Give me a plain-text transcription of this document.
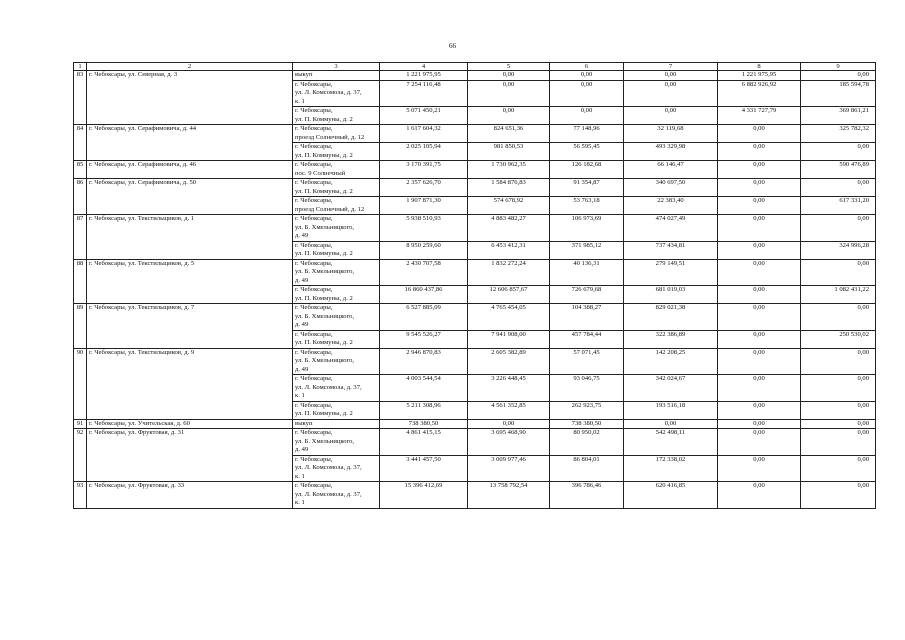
66
1	2	3	4	5	6	7	8	9
83	г. Чебоксары, ул. Северная, д. 3	выкуп	1 221 975,95	0,00	0,00	0,00	1 221 975,95	0,00
		г. Чебоксары,
ул. Л. Комсомола, д. 37,
к. 1	7 254 116,48	0,00	0,00	0,00	6 882 926,92	185 594,78
		г. Чебоксары,
ул. П. Коммуны, д. 2	5 071 450,21	0,00	0,00	0,00	4 331 727,79	369 861,21
84	г. Чебоксары, ул. Серафимовича, д. 44	г. Чебоксары,
проезд Солнечный, д. 12	1 617 604,32	824 651,36	77 148,96	32 119,68	0,00	325 782,32
		г. Чебоксары,
ул. П. Коммуны, д. 2	2 025 105,94	981 850,53	56 595,45	493 329,98	0,00	0,00
85	г. Чебоксары, ул. Серафимовича, д. 46	г. Чебоксары,
пос. 9 Солнечный	3 170 391,75	1 730 962,35	126 182,68	66 146,47	0,00	590 476,89
86	г. Чебоксары, ул. Серафимовича, д. 50	г. Чебоксары,
ул. П. Коммуны, д. 2	2 357 626,70	1 584 876,83	91 354,87	340 697,50	0,00	0,00
		г. Чебоксары,
проезд Солнечный, д. 12	1 907 871,30	574 678,92	53 763,18	22 383,40	0,00	617 331,20
87	г. Чебоксары, ул. Текстильщиков, д. 1	г. Чебоксары,
ул. Б. Хмельницкого,
д. 49	5 938 510,93	4 883 482,27	106 973,69	474 027,49	0,00	0,00
		г. Чебоксары,
ул. П. Коммуны, д. 2	8 950 259,60	6 453 412,31	371 985,12	737 434,81	0,00	324 996,28
88	г. Чебоксары, ул. Текстильщиков, д. 5	г. Чебоксары,
ул. Б. Хмельницкого,
д. 49	2 430 707,58	1 832 272,24	40 136,31	279 149,51	0,00	0,00
		г. Чебоксары,
ул. П. Коммуны, д. 2	16 860 437,86	12 606 857,67	726 679,68	681 019,03	0,00	1 082 431,22
89	г. Чебоксары, ул. Текстильщиков, д. 7	г. Чебоксары,
ул. Б. Хмельницкого,
д. 49	6 527 885,09	4 765 454,05	104 388,27	829 021,38	0,00	0,00
		г. Чебоксары,
ул. П. Коммуны, д. 2	9 545 526,27	7 941 908,00	457 784,44	322 386,89	0,00	250 530,02
90	г. Чебоксары, ул. Текстильщиков, д. 9	г. Чебоксары,
ул. Б. Хмельницкого,
д. 49	2 946 870,83	2 605 382,89	57 071,45	142 208,25	0,00	0,00
		г. Чебоксары,
ул. Л. Комсомола, д. 37,
к. 1	4 003 544,54	3 226 448,45	93 046,75	342 024,67	0,00	0,00
		г. Чебоксары,
ул. П. Коммуны, д. 2	5 211 308,96	4 561 352,85	262 923,75	193 516,18	0,00	0,00
91	г. Чебоксары, ул. Учительская, д. 60	выкуп	738 380,50	0,00	738 380,50	0,00	0,00	0,00
92	г. Чебоксары, ул. Фруктовая, д. 31	г. Чебоксары,
ул. Б. Хмельницкого,
д. 49	4 861 415,15	3 695 468,90	80 950,02	542 498,11	0,00	0,00
		г. Чебоксары,
ул. Л. Комсомола, д. 37,
к. 1	3 441 457,50	3 009 977,46	86 804,01	172 338,02	0,00	0,00
93	г. Чебоксары, ул. Фруктовая, д. 33	г. Чебоксары,
ул. Л. Комсомола, д. 37,
к. 1	15 396 412,69	13 758 792,54	396 786,46	620 416,85	0,00	0,00
